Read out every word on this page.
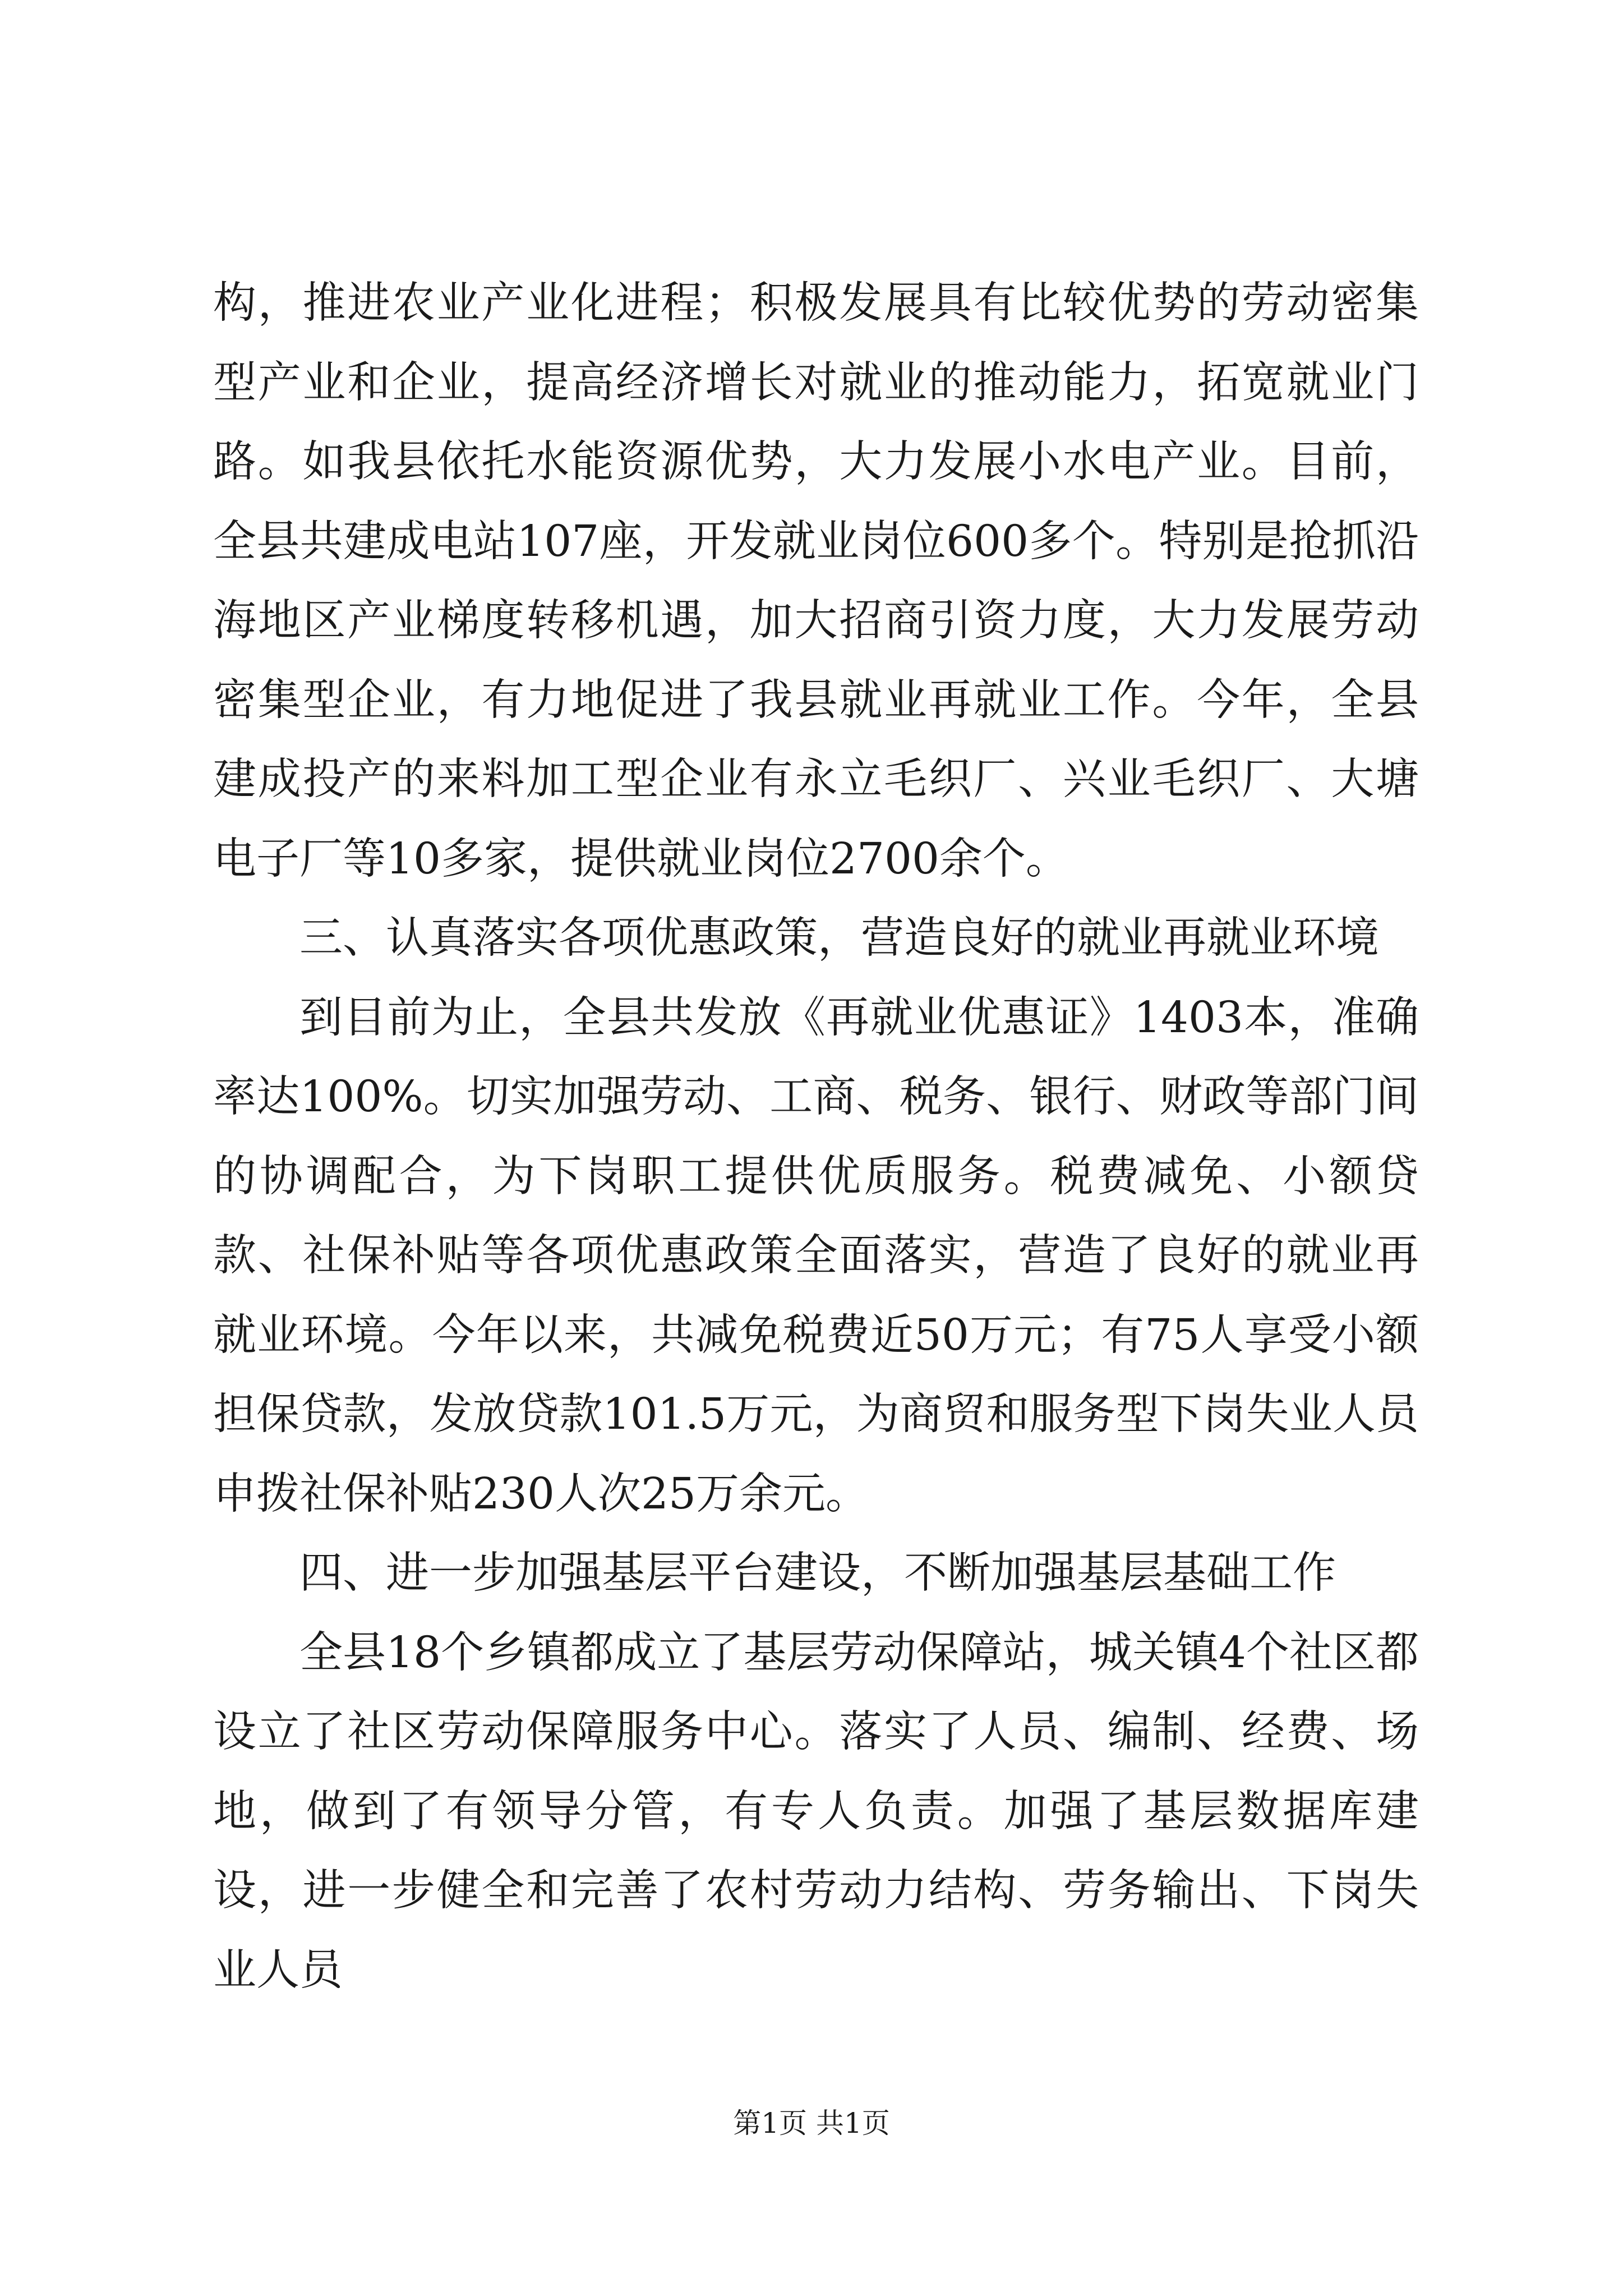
构，推进农业产业化进程；积极发展具有比较优势的劳动密集型产业和企业，提高经济增长对就业的推动能力，拓宽就业门路。如我县依托水能资源优势，大力发展小水电产业。目前，全县共建成电站107座，开发就业岗位600多个。特别是抢抓沿海地区产业梯度转移机遇，加大招商引资力度，大力发展劳动密集型企业，有力地促进了我县就业再就业工作。今年，全县建成投产的来料加工型企业有永立毛织厂、兴业毛织厂、大塘电子厂等10多家，提供就业岗位2700余个。

三、认真落实各项优惠政策，营造良好的就业再就业环境

到目前为止，全县共发放《再就业优惠证》1403本，准确率达100%。切实加强劳动、工商、税务、银行、财政等部门间的协调配合，为下岗职工提供优质服务。税费减免、小额贷款、社保补贴等各项优惠政策全面落实，营造了良好的就业再就业环境。今年以来，共减免税费近50万元；有75人享受小额担保贷款，发放贷款101.5万元，为商贸和服务型下岗失业人员申拨社保补贴230人次25万余元。

四、进一步加强基层平台建设，不断加强基层基础工作

全县18个乡镇都成立了基层劳动保障站，城关镇4个社区都设立了社区劳动保障服务中心。落实了人员、编制、经费、场地，做到了有领导分管，有专人负责。加强了基层数据库建设，进一步健全和完善了农村劳动力结构、劳务输出、下岗失业人员

第1页 共1页
